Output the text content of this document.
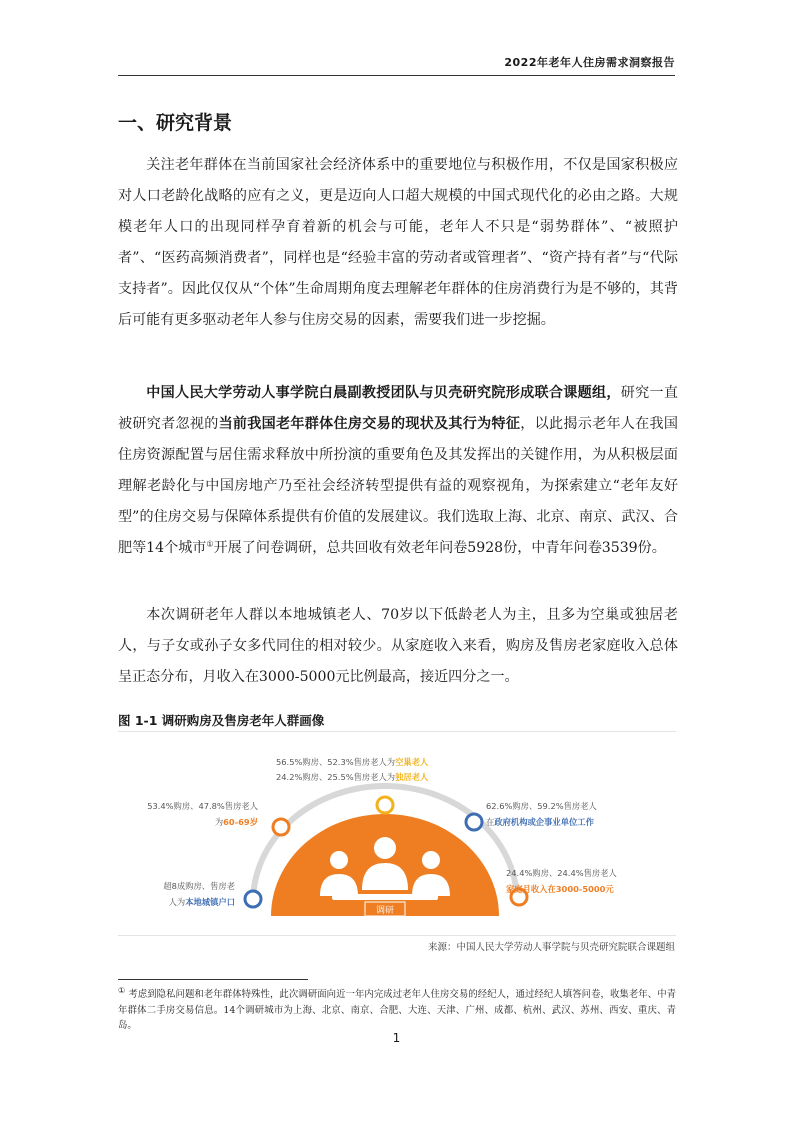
2022年老年人住房需求洞察报告
一、研究背景

关注老年群体在当前国家社会经济体系中的重要地位与积极作用，不仅是国家积极应对人口老龄化战略的应有之义，更是迈向人口超大规模的中国式现代化的必由之路。大规模老年人口的出现同样孕育着新的机会与可能，老年人不只是“弱势群体”、“被照护者”、“医药高频消费者”，同样也是“经验丰富的劳动者或管理者”、“资产持有者”与“代际支持者”。因此仅仅从“个体”生命周期角度去理解老年群体的住房消费行为是不够的，其背后可能有更多驱动老年人参与住房交易的因素，需要我们进一步挖掘。

中国人民大学劳动人事学院白晨副教授团队与贝壳研究院形成联合课题组，研究一直被研究者忽视的当前我国老年群体住房交易的现状及其行为特征，以此揭示老年人在我国住房资源配置与居住需求释放中所扮演的重要角色及其发挥出的关键作用，为从积极层面理解老龄化与中国房地产乃至社会经济转型提供有益的观察视角，为探索建立“老年友好型”的住房交易与保障体系提供有价值的发展建议。我们选取上海、北京、南京、武汉、合肥等14个城市①开展了问卷调研，总共回收有效老年问卷5928份，中青年问卷3539份。

本次调研老年人群以本地城镇老人、70岁以下低龄老人为主，且多为空巢或独居老人，与子女或孙子女多代同住的相对较少。从家庭收入来看，购房及售房老家庭收入总体呈正态分布，月收入在3000-5000元比例最高，接近四分之一。

图 1-1 调研购房及售房老年人群画像
调研
56.5%购房、52.3%售房老人为空巢老人
24.2%购房、25.5%售房老人为独居老人
53.4%购房、47.8%售房老人
为60-69岁
62.6%购房、59.2%售房老人
在政府机构或企事业单位工作
超8成购房、售房老
人为本地城镇户口
24.4%购房、24.4%售房老人
家庭月收入在3000-5000元
来源：中国人民大学劳动人事学院与贝壳研究院联合课题组

① 考虑到隐私问题和老年群体特殊性，此次调研面向近一年内完成过老年人住房交易的经纪人，通过经纪人填答问卷，收集老年、中青年群体二手房交易信息。14个调研城市为上海、北京、南京、合肥、大连、天津、广州、成都、杭州、武汉、苏州、西安、重庆、青岛。

1
